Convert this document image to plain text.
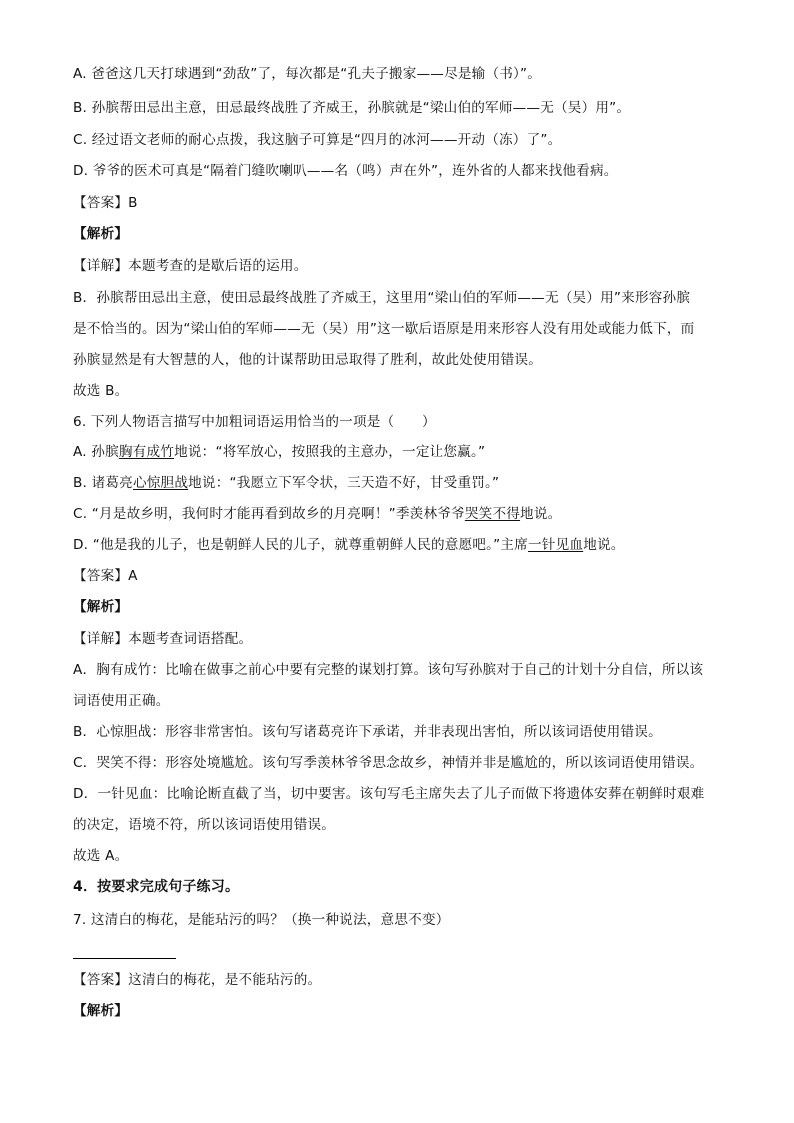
A. 爸爸这几天打球遇到“劲敌”了，每次都是“孔夫子搬家——尽是输（书）”。
B. 孙膑帮田忌出主意，田忌最终战胜了齐威王，孙膑就是“梁山伯的军师——无（吴）用”。
C. 经过语文老师的耐心点拨，我这脑子可算是“四月的冰河——开动（冻）了”。
D. 爷爷的医术可真是“隔着门缝吹喇叭——名（鸣）声在外”，连外省的人都来找他看病。
【答案】B
【解析】
【详解】本题考查的是歇后语的运用。
B．孙膑帮田忌出主意，使田忌最终战胜了齐威王，这里用“梁山伯的军师——无（吴）用”来形容孙膑
是不恰当的。因为“梁山伯的军师——无（吴）用”这一歇后语原是用来形容人没有用处或能力低下，而
孙膑显然是有大智慧的人，他的计谋帮助田忌取得了胜利，故此处使用错误。
故选 B。
6. 下列人物语言描写中加粗词语运用恰当的一项是（　　）
A. 孙膑胸有成竹地说：“将军放心，按照我的主意办，一定让您赢。”
B. 诸葛亮心惊胆战地说：“我愿立下军令状，三天造不好，甘受重罚。”
C. “月是故乡明，我何时才能再看到故乡的月亮啊！”季羡林爷爷哭笑不得地说。
D. “他是我的儿子，也是朝鲜人民的儿子，就尊重朝鲜人民的意愿吧。”主席一针见血地说。
【答案】A
【解析】
【详解】本题考查词语搭配。
A．胸有成竹：比喻在做事之前心中要有完整的谋划打算。该句写孙膑对于自己的计划十分自信，所以该
词语使用正确。
B．心惊胆战：形容非常害怕。该句写诸葛亮许下承诺，并非表现出害怕，所以该词语使用错误。
C．哭笑不得：形容处境尴尬。该句写季羡林爷爷思念故乡，神情并非是尴尬的，所以该词语使用错误。
D．一针见血：比喻论断直截了当，切中要害。该句写毛主席失去了儿子而做下将遗体安葬在朝鲜时艰难
的决定，语境不符，所以该词语使用错误。
故选 A。
4．按要求完成句子练习。
7. 这清白的梅花，是能玷污的吗？（换一种说法，意思不变）
【答案】这清白的梅花，是不能玷污的。
【解析】
